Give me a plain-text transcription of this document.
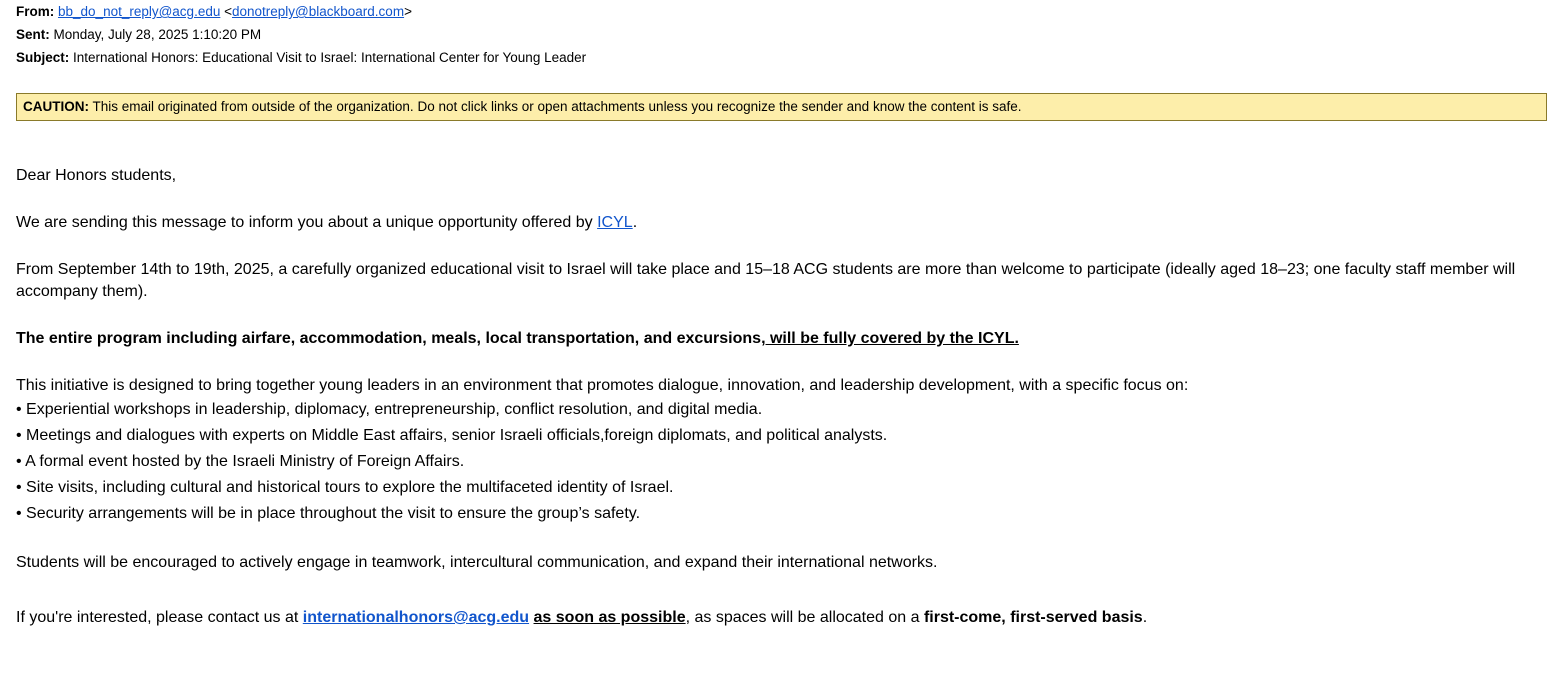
From: bb_do_not_reply@acg.edu <donotreply@blackboard.com>
Sent: Monday, July 28, 2025 1:10:20 PM
Subject: International Honors: Educational Visit to Israel: International Center for Young Leader
CAUTION: This email originated from outside of the organization. Do not click links or open attachments unless you recognize the sender and know the content is safe.

Dear Honors students,

We are sending this message to inform you about a unique opportunity offered by ICYL.

From September 14th to 19th, 2025, a carefully organized educational visit to Israel will take place and 15–18 ACG students are more than welcome to participate (ideally aged 18–23; one faculty staff member will accompany them).

The entire program including airfare, accommodation, meals, local transportation, and excursions, will be fully covered by the ICYL.

This initiative is designed to bring together young leaders in an environment that promotes dialogue, innovation, and leadership development, with a specific focus on:

• Experiential workshops in leadership, diplomacy, entrepreneurship, conflict resolution, and digital media.
• Meetings and dialogues with experts on Middle East affairs, senior Israeli officials,foreign diplomats, and political analysts.
• A formal event hosted by the Israeli Ministry of Foreign Affairs.
• Site visits, including cultural and historical tours to explore the multifaceted identity of Israel.
• Security arrangements will be in place throughout the visit to ensure the group’s safety.

Students will be encouraged to actively engage in teamwork, intercultural communication, and expand their international networks.

If you're interested, please contact us at internationalhonors@acg.edu as soon as possible, as spaces will be allocated on a first-come, first-served basis.
